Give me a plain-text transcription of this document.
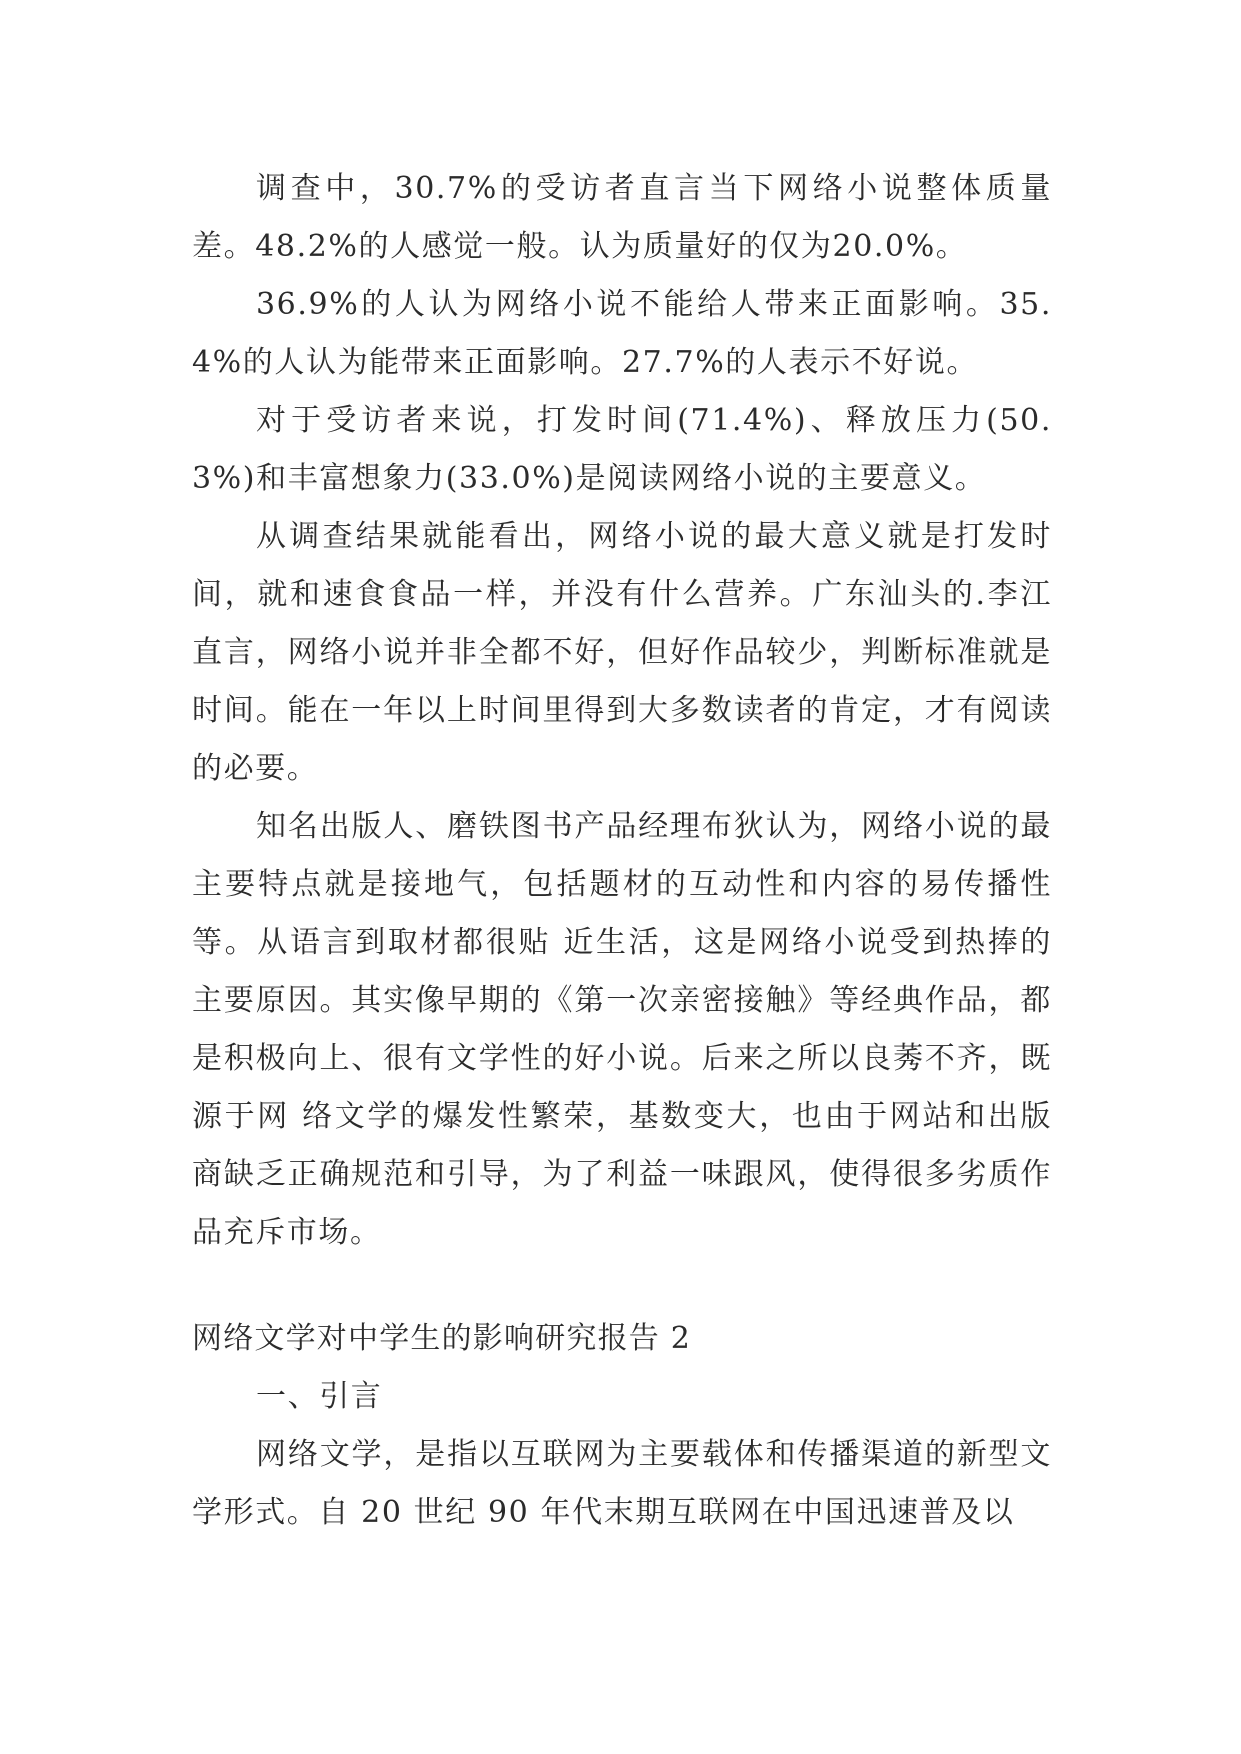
调查中，30.7%的受访者直言当下网络小说整体质量差。48.2%的人感觉一般。认为质量好的仅为20.0%。

36.9%的人认为网络小说不能给人带来正面影响。35.4%的人认为能带来正面影响。27.7%的人表示不好说。

对于受访者来说，打发时间(71.4%)、释放压力(50.3%)和丰富想象力(33.0%)是阅读网络小说的主要意义。

从调查结果就能看出，网络小说的最大意义就是打发时间，就和速食食品一样，并没有什么营养。广东汕头的.李江直言，网络小说并非全都不好，但好作品较少，判断标准就是时间。能在一年以上时间里得到大多数读者的肯定，才有阅读的必要。

知名出版人、磨铁图书产品经理布狄认为，网络小说的最主要特点就是接地气，包括题材的互动性和内容的易传播性等。从语言到取材都很贴 近生活，这是网络小说受到热捧的主要原因。其实像早期的《第一次亲密接触》等经典作品，都是积极向上、很有文学性的好小说。后来之所以良莠不齐，既源于网 络文学的爆发性繁荣，基数变大，也由于网站和出版商缺乏正确规范和引导，为了利益一味跟风，使得很多劣质作品充斥市场。

网络文学对中学生的影响研究报告 2

一、引言

网络文学，是指以互联网为主要载体和传播渠道的新型文学形式。自 20 世纪 90 年代末期互联网在中国迅速普及以
